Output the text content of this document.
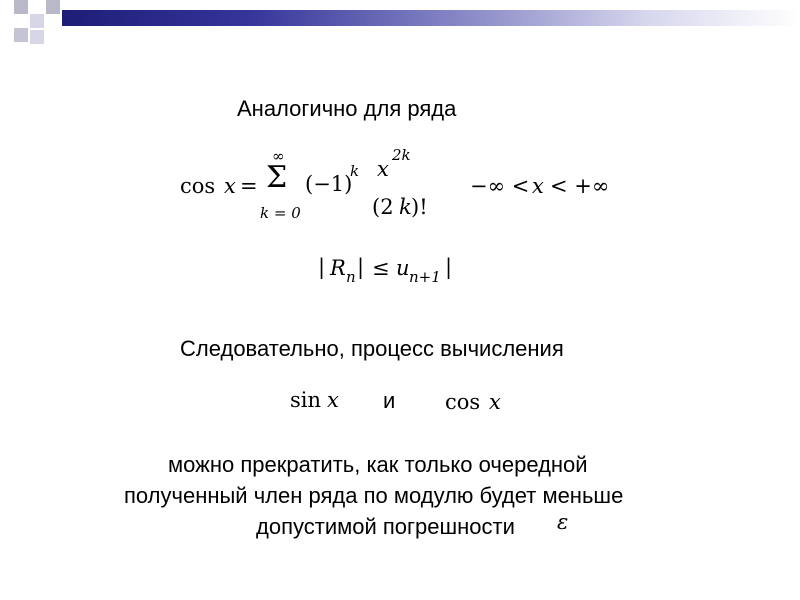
Аналогично для ряда
cos x =
∞
Σ
k = 0
(−1)
k x
2k
(2 k )!
−∞ < x < +∞
| R n | ≤ u n+1 |
Следовательно, процесс вычисления
sin x и cos x
можно прекратить, как только очередной
полученный член ряда по модулю будет меньше
допустимой погрешности ε
